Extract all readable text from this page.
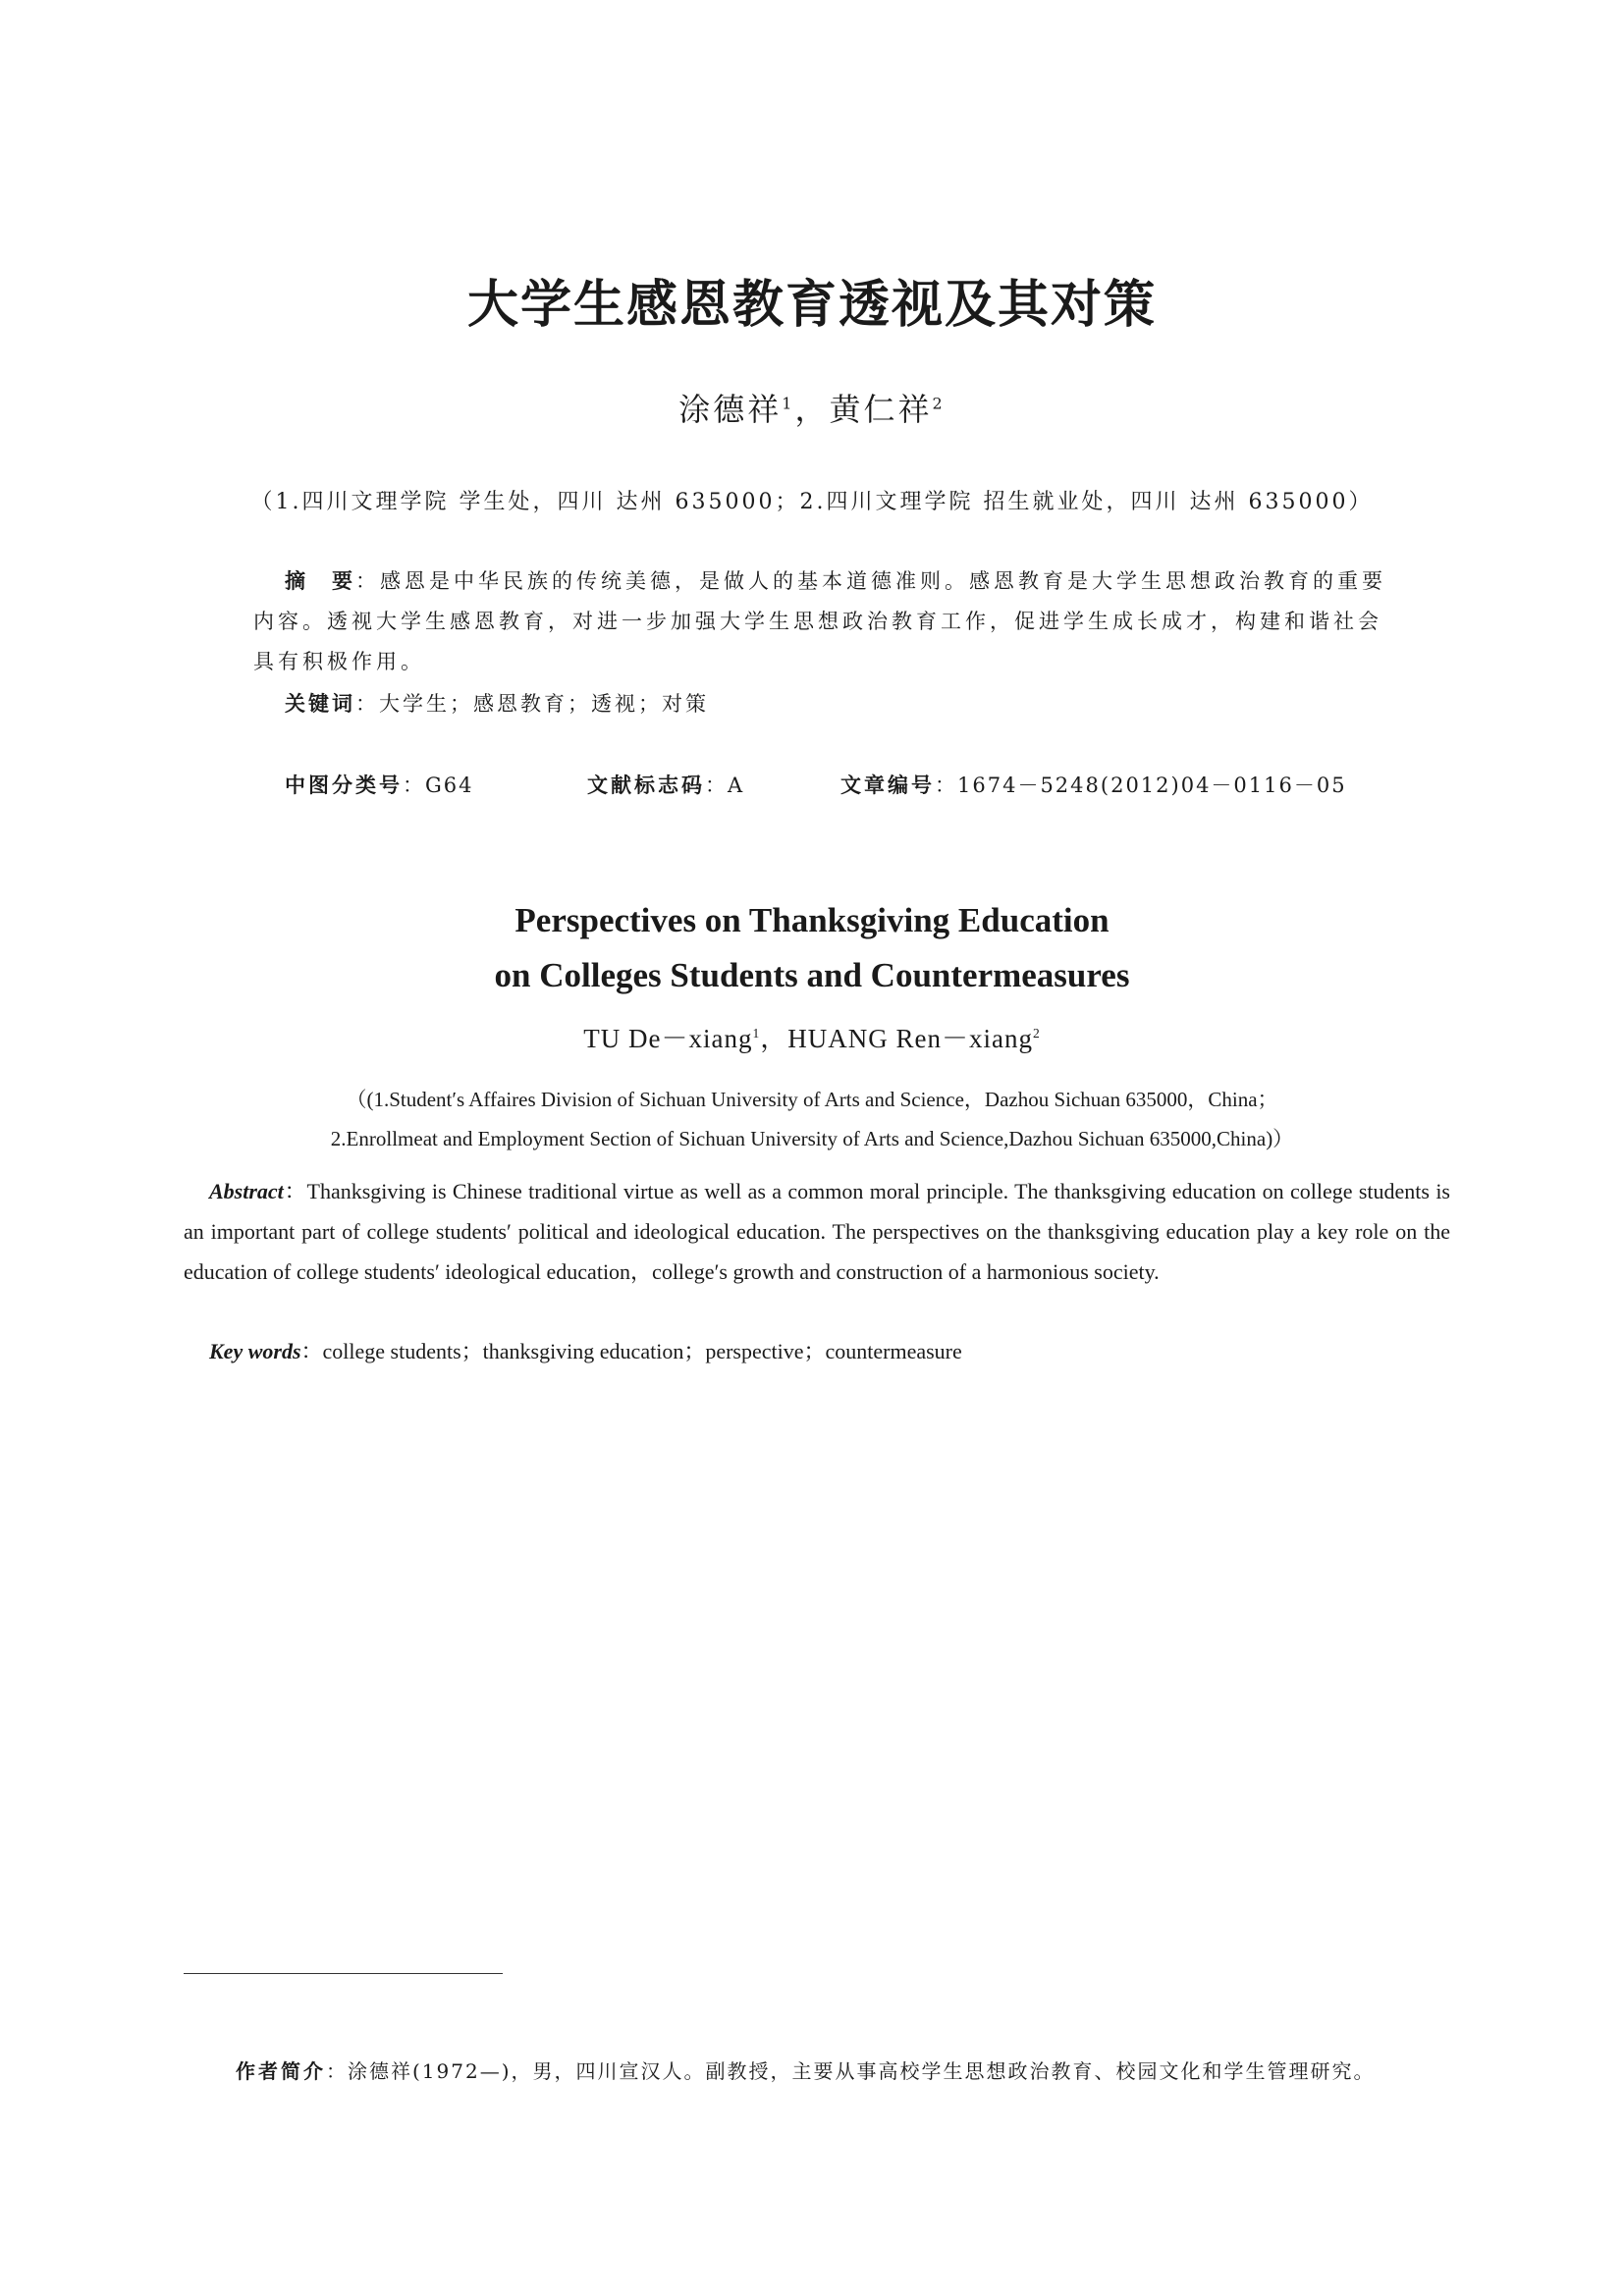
大学生感恩教育透视及其对策
涂德祥$^1$，黄仁祥$^2$
（1.四川文理学院 学生处，四川 达州 635000；2.四川文理学院 招生就业处，四川 达州 635000）
摘　要：感恩是中华民族的传统美德，是做人的基本道德准则。感恩教育是大学生思想政治教育的重要内容。透视大学生感恩教育，对进一步加强大学生思想政治教育工作，促进学生成长成才，构建和谐社会具有积极作用。
关键词：大学生；感恩教育；透视；对策
中图分类号：G64	文献标志码：A	文章编号：1674－5248(2012)04－0116－05
Perspectives on Thanksgiving Education
on Colleges Students and Countermeasures
TU De－xiang$^1$，HUANG Ren－xiang$^2$
（(1.Student′s Affaires Division of Sichuan University of Arts and Science，Dazhou Sichuan 635000，China；
2.Enrollmeat and Employment Section of Sichuan University of Arts and Science,Dazhou Sichuan 635000,China)）
Abstract：Thanksgiving is Chinese traditional virtue as well as a common moral principle. The thanksgiving education on college students is an important part of college students′ political and ideological education. The perspectives on the thanksgiving education play a key role on the education of college students′ ideological education，college′s growth and construction of a harmonious society.
Key words：college students；thanksgiving education；perspective；countermeasure
作者简介：涂德祥(1972—)，男，四川宣汉人。副教授，主要从事高校学生思想政治教育、校园文化和学生管理研究。
